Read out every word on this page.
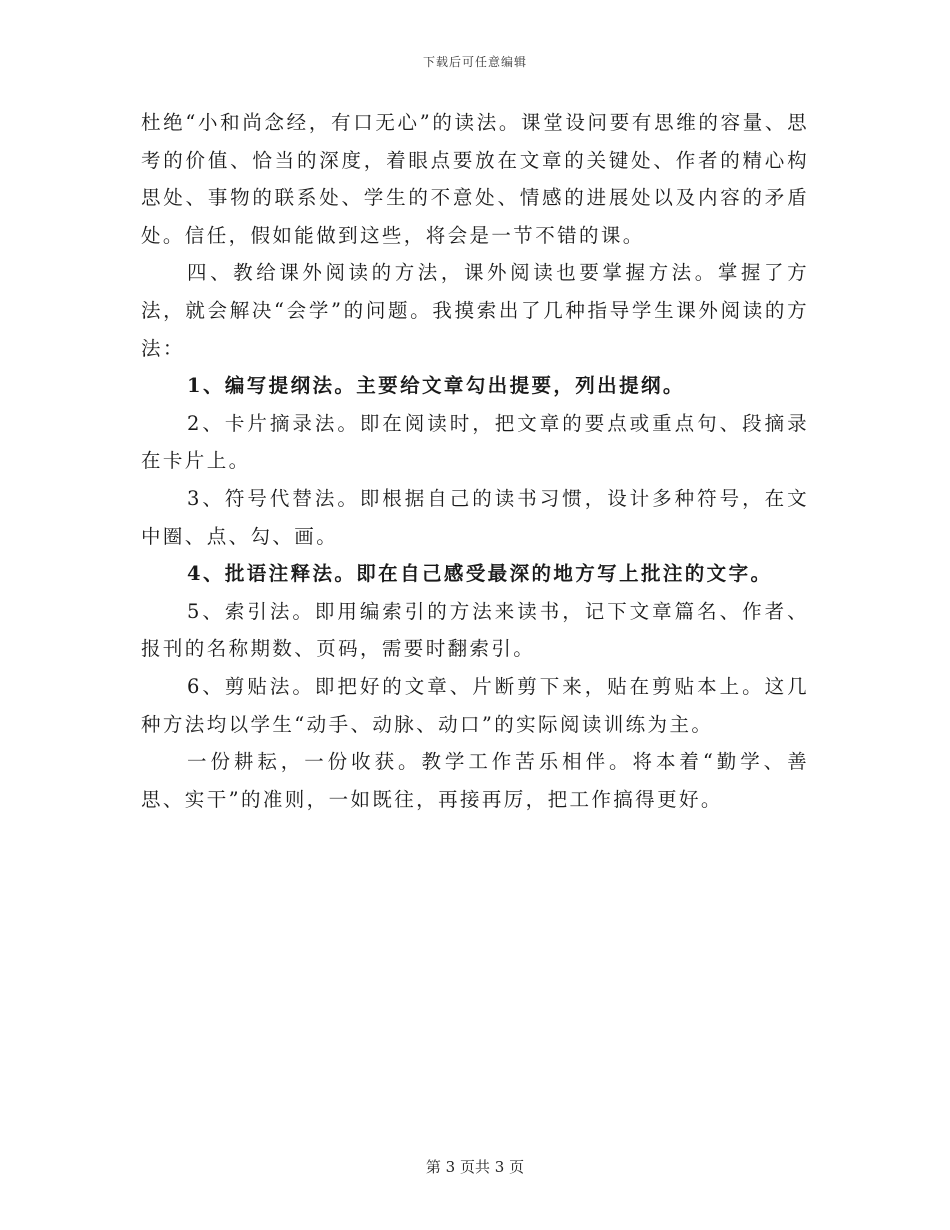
下载后可任意编辑

杜绝“小和尚念经，有口无心”的读法。课堂设问要有思维的容量、思考的价值、恰当的深度，着眼点要放在文章的关键处、作者的精心构思处、事物的联系处、学生的不意处、情感的进展处以及内容的矛盾处。信任，假如能做到这些，将会是一节不错的课。

四、教给课外阅读的方法，课外阅读也要掌握方法。掌握了方法，就会解决“会学”的问题。我摸索出了几种指导学生课外阅读的方法：

1、编写提纲法。主要给文章勾出提要，列出提纲。

2、卡片摘录法。即在阅读时，把文章的要点或重点句、段摘录在卡片上。

3、符号代替法。即根据自己的读书习惯，设计多种符号，在文中圈、点、勾、画。

4、批语注释法。即在自己感受最深的地方写上批注的文字。

5、索引法。即用编索引的方法来读书，记下文章篇名、作者、报刊的名称期数、页码，需要时翻索引。

6、剪贴法。即把好的文章、片断剪下来，贴在剪贴本上。这几种方法均以学生“动手、动脉、动口”的实际阅读训练为主。

一份耕耘，一份收获。教学工作苦乐相伴。将本着“勤学、善思、实干”的准则，一如既往，再接再厉，把工作搞得更好。

第 3 页共 3 页
